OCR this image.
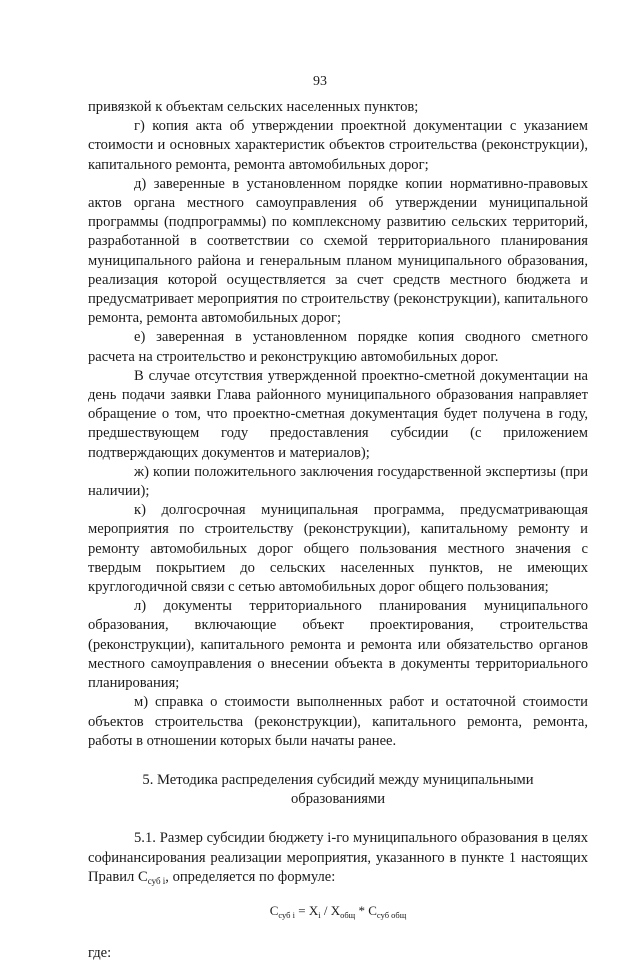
93

привязкой к объектам сельских населенных пунктов;

г) копия акта об утверждении проектной документации с указанием стоимости и основных характеристик объектов строительства (реконструкции), капитального ремонта, ремонта автомобильных дорог;

д) заверенные в установленном порядке копии нормативно-правовых актов органа местного самоуправления об утверждении муниципальной программы (подпрограммы) по комплексному развитию сельских территорий, разработанной в соответствии со схемой территориального планирования муниципального района и генеральным планом муниципального образования, реализация которой осуществляется за счет средств местного бюджета и предусматривает мероприятия по строительству (реконструкции), капитального ремонта, ремонта автомобильных дорог;

е) заверенная в установленном порядке копия сводного сметного расчета на строительство и реконструкцию автомобильных дорог.

В случае отсутствия утвержденной проектно-сметной документации на день подачи заявки Глава районного муниципального образования направляет обращение о том, что проектно-сметная документация будет получена в году, предшествующем году предоставления субсидии (с приложением подтверждающих документов и материалов);

ж) копии положительного заключения государственной экспертизы (при наличии);

к) долгосрочная муниципальная программа, предусматривающая мероприятия по строительству (реконструкции), капитальному ремонту и ремонту автомобильных дорог общего пользования местного значения с твердым покрытием до сельских населенных пунктов, не имеющих круглогодичной связи с сетью автомобильных дорог общего пользования;

л) документы территориального планирования муниципального образования, включающие объект проектирования, строительства (реконструкции), капитального ремонта и ремонта или обязательство органов местного самоуправления о внесении объекта в документы территориального планирования;

м) справка о стоимости выполненных работ и остаточной стоимости объектов строительства (реконструкции), капитального ремонта, ремонта, работы в отношении которых были начаты ранее.

5. Методика распределения субсидий между муниципальными
образованиями

5.1. Размер субсидии бюджету i-го муниципального образования в целях софинансирования реализации мероприятия, указанного в пункте 1 настоящих Правил $С_{суб i}$, определяется по формуле:

$С_{суб i} = X_i / X_{общ} * С_{суб общ}$

где:
